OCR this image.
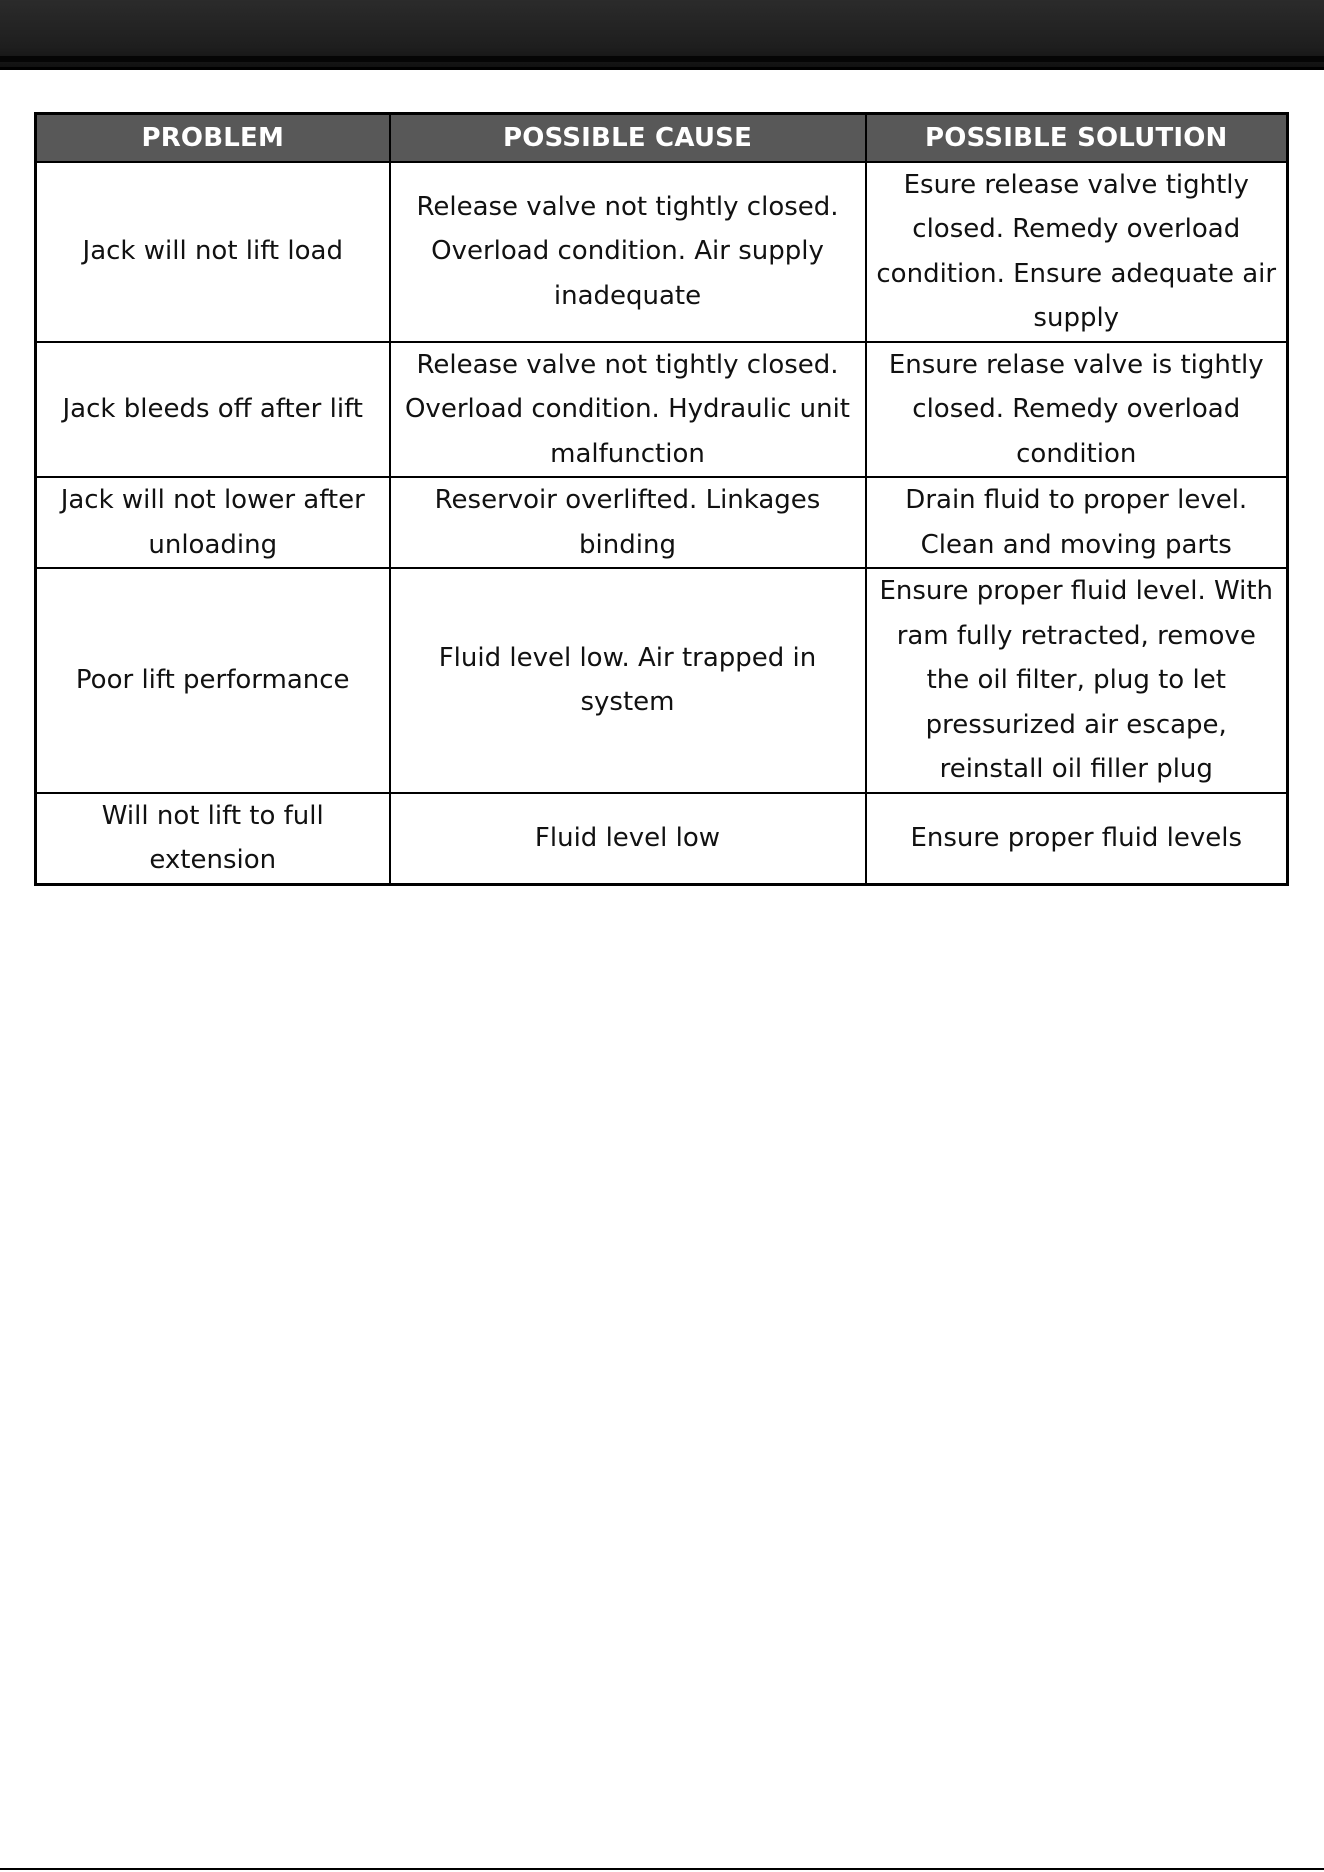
PROBLEM	POSSIBLE CAUSE	POSSIBLE SOLUTION
Jack will not lift load	Release valve not tightly closed. Overload condition. Air supply inadequate	Esure release valve tightly closed. Remedy overload condition. Ensure adequate air supply
Jack bleeds off after lift	Release valve not tightly closed. Overload condition. Hydraulic unit malfunction	Ensure relase valve is tightly closed. Remedy overload condition
Jack will not lower after unloading	Reservoir overlifted. Linkages binding	Drain fluid to proper level. Clean and moving parts
Poor lift performance	Fluid level low. Air trapped in system	Ensure proper fluid level. With ram fully retracted, remove the oil filter, plug to let pressurized air escape, reinstall oil filler plug
Will not lift to full extension	Fluid level low	Ensure proper fluid levels
